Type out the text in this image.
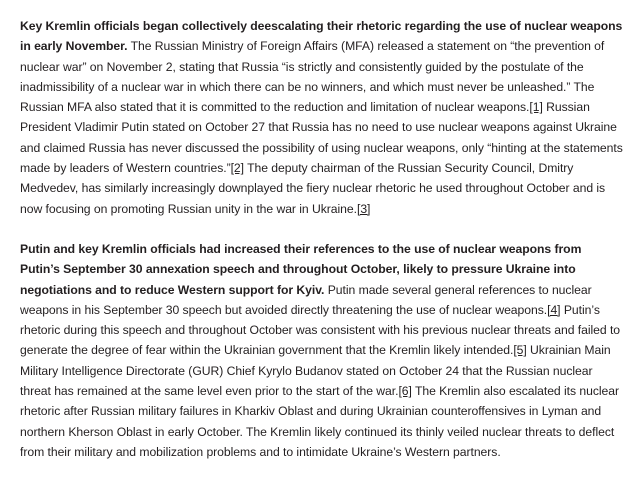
Key Kremlin officials began collectively deescalating their rhetoric regarding the use of nuclear weapons in early November. The Russian Ministry of Foreign Affairs (MFA) released a statement on “the prevention of nuclear war” on November 2, stating that Russia “is strictly and consistently guided by the postulate of the inadmissibility of a nuclear war in which there can be no winners, and which must never be unleashed.” The Russian MFA also stated that it is committed to the reduction and limitation of nuclear weapons.[1] Russian President Vladimir Putin stated on October 27 that Russia has no need to use nuclear weapons against Ukraine and claimed Russia has never discussed the possibility of using nuclear weapons, only “hinting at the statements made by leaders of Western countries.”[2] The deputy chairman of the Russian Security Council, Dmitry Medvedev, has similarly increasingly downplayed the fiery nuclear rhetoric he used throughout October and is now focusing on promoting Russian unity in the war in Ukraine.[3]

Putin and key Kremlin officials had increased their references to the use of nuclear weapons from Putin’s September 30 annexation speech and throughout October, likely to pressure Ukraine into negotiations and to reduce Western support for Kyiv. Putin made several general references to nuclear weapons in his September 30 speech but avoided directly threatening the use of nuclear weapons.[4] Putin’s rhetoric during this speech and throughout October was consistent with his previous nuclear threats and failed to generate the degree of fear within the Ukrainian government that the Kremlin likely intended.[5] Ukrainian Main Military Intelligence Directorate (GUR) Chief Kyrylo Budanov stated on October 24 that the Russian nuclear threat has remained at the same level even prior to the start of the war.[6] The Kremlin also escalated its nuclear rhetoric after Russian military failures in Kharkiv Oblast and during Ukrainian counteroffensives in Lyman and northern Kherson Oblast in early October. The Kremlin likely continued its thinly veiled nuclear threats to deflect from their military and mobilization problems and to intimidate Ukraine’s Western partners.
